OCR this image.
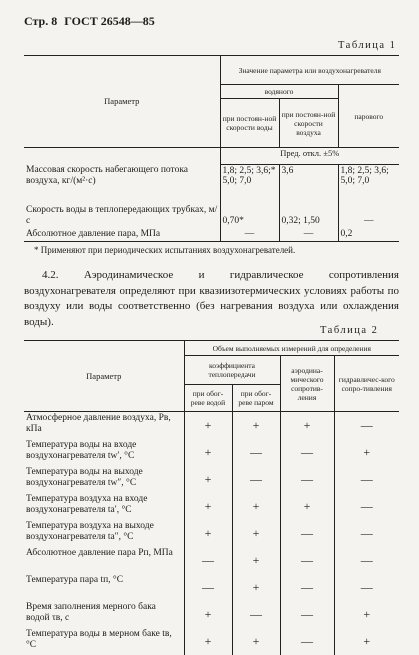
Стр. 8 ГОСТ 26548—85
Таблица 1
Параметр	Значение параметра или воздухонагревателя		
	водяного		парового
	при постоян-ной скорости воды	при постоян-ной скорости воздуха	
	Пред. откл. ±5%		
Массовая скорость набегающего потока воздуха, кг/(м²·с)	1,8; 2,5; 3,6;* 5,0; 7,0	3,6	1,8; 2,5; 3,6; 5,0; 7,0
Скорость воды в теплопередающих трубках, м/с	0,70*	0,32; 1,50	—
Абсолютное давление пара, МПа	—	—	0,2
* Применяют при периодических испытаниях воздухонагревателей.

4.2. Аэродинамическое и гидравлическое сопротивления воздухонагревателя определяют при квазиизотермических условиях работы по воздуху или воды соответственно (без нагревания воздуха или охлаждения воды).

Таблица 2
Параметр	Объем выполняемых измерений для определения			
	коэффициента теплопередачи		аэродина-мического сопротив-ления	гидравличес-кого сопро-тивления
	при обог-реве водой	при обог-реве паром		
Атмосферное давление воздуха, Pв, кПа	+	+	+	—
Температура воды на входе воздухонагревателя tw′, °С	+	—	—	+
Температура воды на выходе воздухонагревателя tw″, °С	+	—	—	—
Температура воздуха на входе воздухонагревателя ta′, °С	+	+	+	—
Температура воздуха на выходе воздухонагревателя ta″, °С	+	+	—	—
Абсолютное давление пара Pп, МПа	—	+	—	—
Температура пара tп, °С	—	+	—	—
Время заполнения мерного бака водой τв, с	+	—	—	+
Температура воды в мерном баке tв, °С	+	+	—	+
